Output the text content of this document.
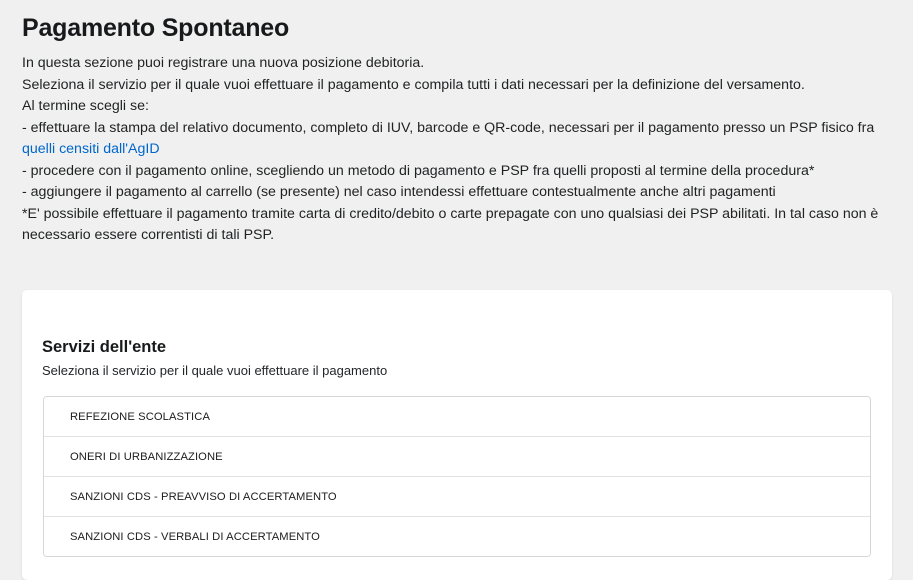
Pagamento Spontaneo

In questa sezione puoi registrare una nuova posizione debitoria.

Seleziona il servizio per il quale vuoi effettuare il pagamento e compila tutti i dati necessari per la definizione del versamento.

Al termine scegli se:

- effettuare la stampa del relativo documento, completo di IUV, barcode e QR-code, necessari per il pagamento presso un PSP fisico fra quelli censiti dall'AgID

- procedere con il pagamento online, scegliendo un metodo di pagamento e PSP fra quelli proposti al termine della procedura*

- aggiungere il pagamento al carrello (se presente) nel caso intendessi effettuare contestualmente anche altri pagamenti

*E' possibile effettuare il pagamento tramite carta di credito/debito o carte prepagate con uno qualsiasi dei PSP abilitati. In tal caso non è necessario essere correntisti di tali PSP.

Servizi dell'ente

Seleziona il servizio per il quale vuoi effettuare il pagamento

REFEZIONE SCOLASTICA
ONERI DI URBANIZZAZIONE
SANZIONI CDS - PREAVVISO DI ACCERTAMENTO
SANZIONI CDS - VERBALI DI ACCERTAMENTO
